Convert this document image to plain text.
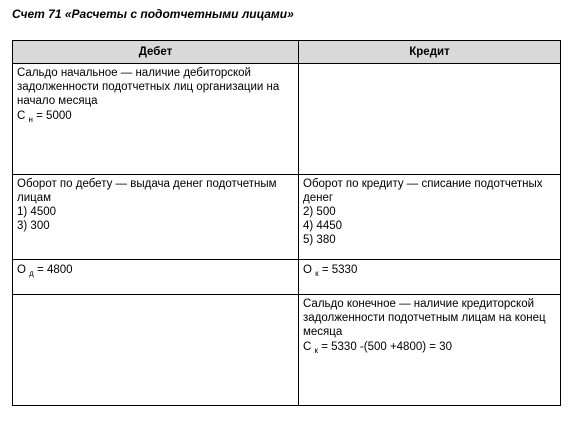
Счет 71 «Расчеты с подотчетными лицами»
Дебет	Кредит

Сальдо начальное — наличие дебиторской задолженности подотчетных лиц организации на начало месяца
С $_н$ = 5000	

Оборот по дебету — выдача денег подотчетным лицам
1) 4500
3) 300	Оборот по кредиту — списание подотчетных денег
2) 500
4) 4450
5) 380

О $_д$ = 4800	О $_к$ = 5330

	Сальдо конечное — наличие кредиторской задолженности подотчетным лицам на конец месяца
С $_к$ = 5330 -(500 +4800) = 30
